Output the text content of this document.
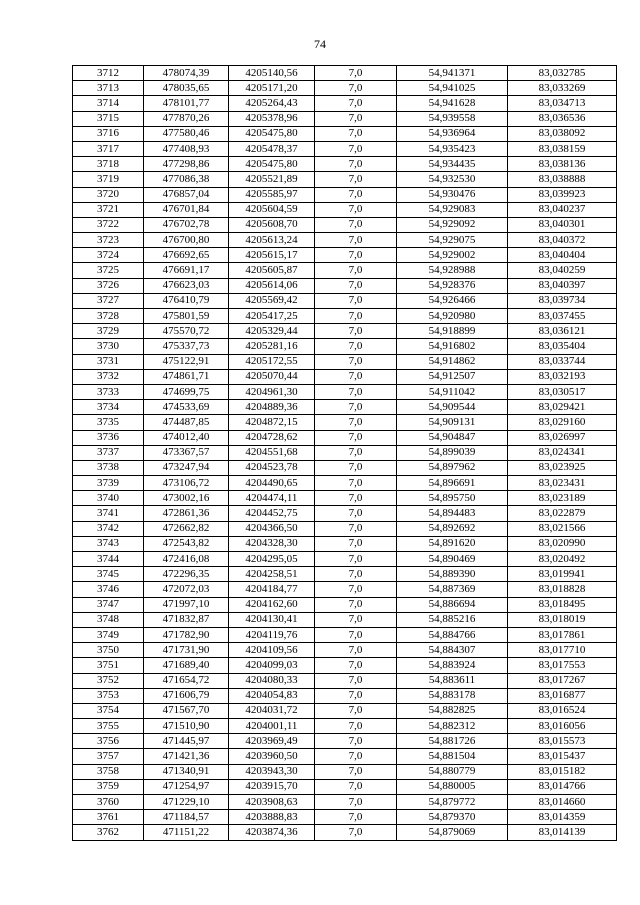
74
3712	478074,39	4205140,56	7,0	54,941371	83,032785
3713	478035,65	4205171,20	7,0	54,941025	83,033269
3714	478101,77	4205264,43	7,0	54,941628	83,034713
3715	477870,26	4205378,96	7,0	54,939558	83,036536
3716	477580,46	4205475,80	7,0	54,936964	83,038092
3717	477408,93	4205478,37	7,0	54,935423	83,038159
3718	477298,86	4205475,80	7,0	54,934435	83,038136
3719	477086,38	4205521,89	7,0	54,932530	83,038888
3720	476857,04	4205585,97	7,0	54,930476	83,039923
3721	476701,84	4205604,59	7,0	54,929083	83,040237
3722	476702,78	4205608,70	7,0	54,929092	83,040301
3723	476700,80	4205613,24	7,0	54,929075	83,040372
3724	476692,65	4205615,17	7,0	54,929002	83,040404
3725	476691,17	4205605,87	7,0	54,928988	83,040259
3726	476623,03	4205614,06	7,0	54,928376	83,040397
3727	476410,79	4205569,42	7,0	54,926466	83,039734
3728	475801,59	4205417,25	7,0	54,920980	83,037455
3729	475570,72	4205329,44	7,0	54,918899	83,036121
3730	475337,73	4205281,16	7,0	54,916802	83,035404
3731	475122,91	4205172,55	7,0	54,914862	83,033744
3732	474861,71	4205070,44	7,0	54,912507	83,032193
3733	474699,75	4204961,30	7,0	54,911042	83,030517
3734	474533,69	4204889,36	7,0	54,909544	83,029421
3735	474487,85	4204872,15	7,0	54,909131	83,029160
3736	474012,40	4204728,62	7,0	54,904847	83,026997
3737	473367,57	4204551,68	7,0	54,899039	83,024341
3738	473247,94	4204523,78	7,0	54,897962	83,023925
3739	473106,72	4204490,65	7,0	54,896691	83,023431
3740	473002,16	4204474,11	7,0	54,895750	83,023189
3741	472861,36	4204452,75	7,0	54,894483	83,022879
3742	472662,82	4204366,50	7,0	54,892692	83,021566
3743	472543,82	4204328,30	7,0	54,891620	83,020990
3744	472416,08	4204295,05	7,0	54,890469	83,020492
3745	472296,35	4204258,51	7,0	54,889390	83,019941
3746	472072,03	4204184,77	7,0	54,887369	83,018828
3747	471997,10	4204162,60	7,0	54,886694	83,018495
3748	471832,87	4204130,41	7,0	54,885216	83,018019
3749	471782,90	4204119,76	7,0	54,884766	83,017861
3750	471731,90	4204109,56	7,0	54,884307	83,017710
3751	471689,40	4204099,03	7,0	54,883924	83,017553
3752	471654,72	4204080,33	7,0	54,883611	83,017267
3753	471606,79	4204054,83	7,0	54,883178	83,016877
3754	471567,70	4204031,72	7,0	54,882825	83,016524
3755	471510,90	4204001,11	7,0	54,882312	83,016056
3756	471445,97	4203969,49	7,0	54,881726	83,015573
3757	471421,36	4203960,50	7,0	54,881504	83,015437
3758	471340,91	4203943,30	7,0	54,880779	83,015182
3759	471254,97	4203915,70	7,0	54,880005	83,014766
3760	471229,10	4203908,63	7,0	54,879772	83,014660
3761	471184,57	4203888,83	7,0	54,879370	83,014359
3762	471151,22	4203874,36	7,0	54,879069	83,014139
